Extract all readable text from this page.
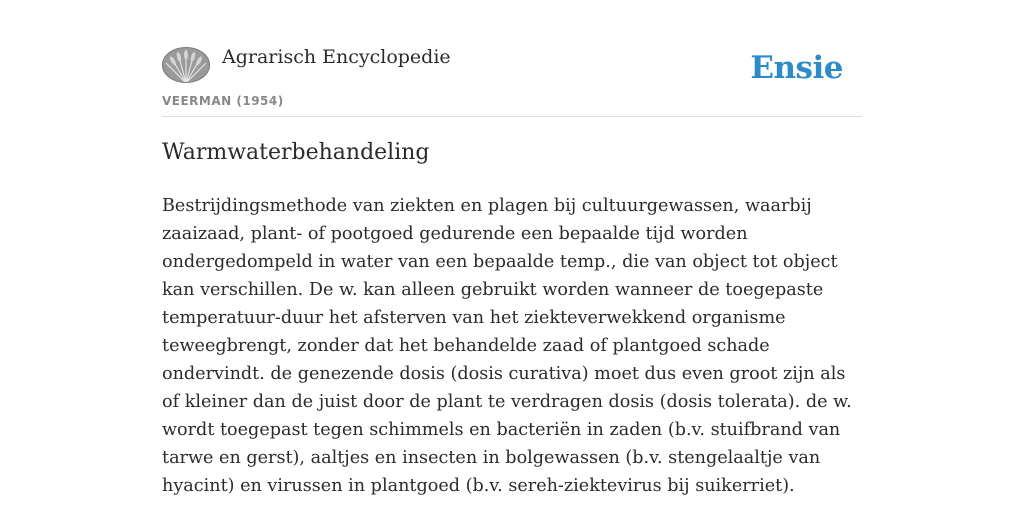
Agrarisch Encyclopedie
VEERMAN (1954)
Ensie
Warmwaterbehandeling

Bestrijdingsmethode van ziekten en plagen bij cultuurgewassen, waarbij zaaizaad, plant- of pootgoed gedurende een bepaalde tijd worden ondergedompeld in water van een bepaalde temp., die van object tot object kan verschillen. De w. kan alleen gebruikt worden wanneer de toegepaste temperatuur-duur het afsterven van het ziekteverwekkend organisme teweegbrengt, zonder dat het behandelde zaad of plantgoed schade ondervindt. de genezende dosis (dosis curativa) moet dus even groot zijn als of kleiner dan de juist door de plant te verdragen dosis (dosis tolerata). de w. wordt toegepast tegen schimmels en bacteriën in zaden (b.v. stuifbrand van tarwe en gerst), aaltjes en insecten in bolgewassen (b.v. stengelaaltje van hyacint) en virussen in plantgoed (b.v. sereh-ziektevirus bij suikerriet).
